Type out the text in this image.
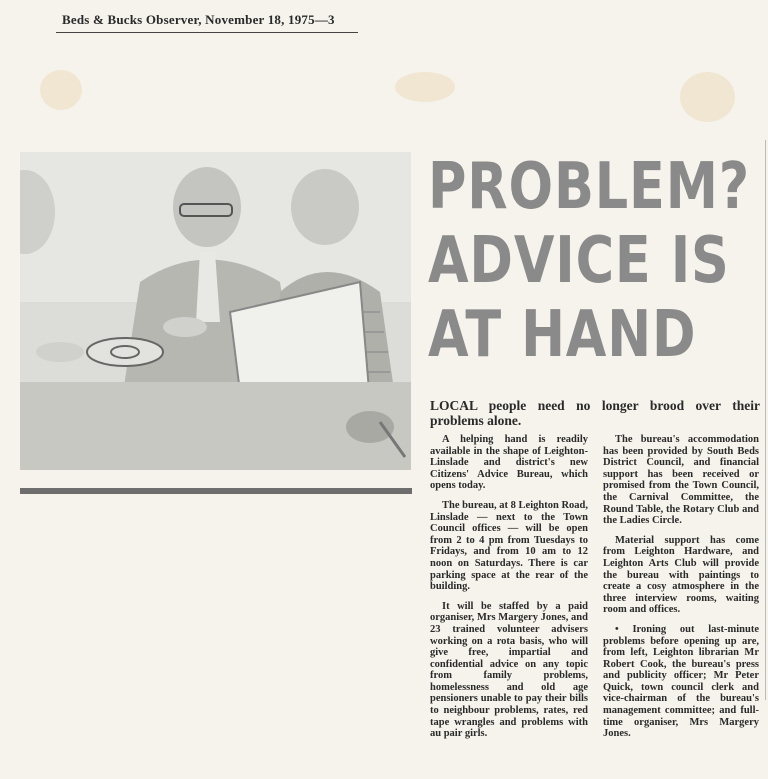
Beds & Bucks Observer, November 18, 1975—3
PROBLEM?
ADVICE IS
AT HAND
LOCAL people need no longer brood over their problems alone.

A helping hand is readily available in the shape of Leighton-Linslade and district's new Citizens' Advice Bureau, which opens today.

The bureau, at 8 Leighton Road, Linslade — next to the Town Council offices — will be open from 2 to 4 pm from Tuesdays to Fridays, and from 10 am to 12 noon on Saturdays. There is car parking space at the rear of the building.

It will be staffed by a paid organiser, Mrs Margery Jones, and 23 trained volunteer advisers working on a rota basis, who will give free, impartial and confidential advice on any topic from family problems, homelessness and old age pensioners unable to pay their bills to neighbour problems, rates, red tape wrangles and problems with au pair girls.

The bureau's accommodation has been provided by South Beds District Council, and financial support has been received or promised from the Town Council, the Carnival Committee, the Round Table, the Rotary Club and the Ladies Circle.

Material support has come from Leighton Hardware, and Leighton Arts Club will provide the bureau with paintings to create a cosy atmosphere in the three interview rooms, waiting room and offices.

• Ironing out last-minute problems before opening up are, from left, Leighton librarian Mr Robert Cook, the bureau's press and publicity officer; Mr Peter Quick, town council clerk and vice-chairman of the bureau's management committee; and full-time organiser, Mrs Margery Jones.
